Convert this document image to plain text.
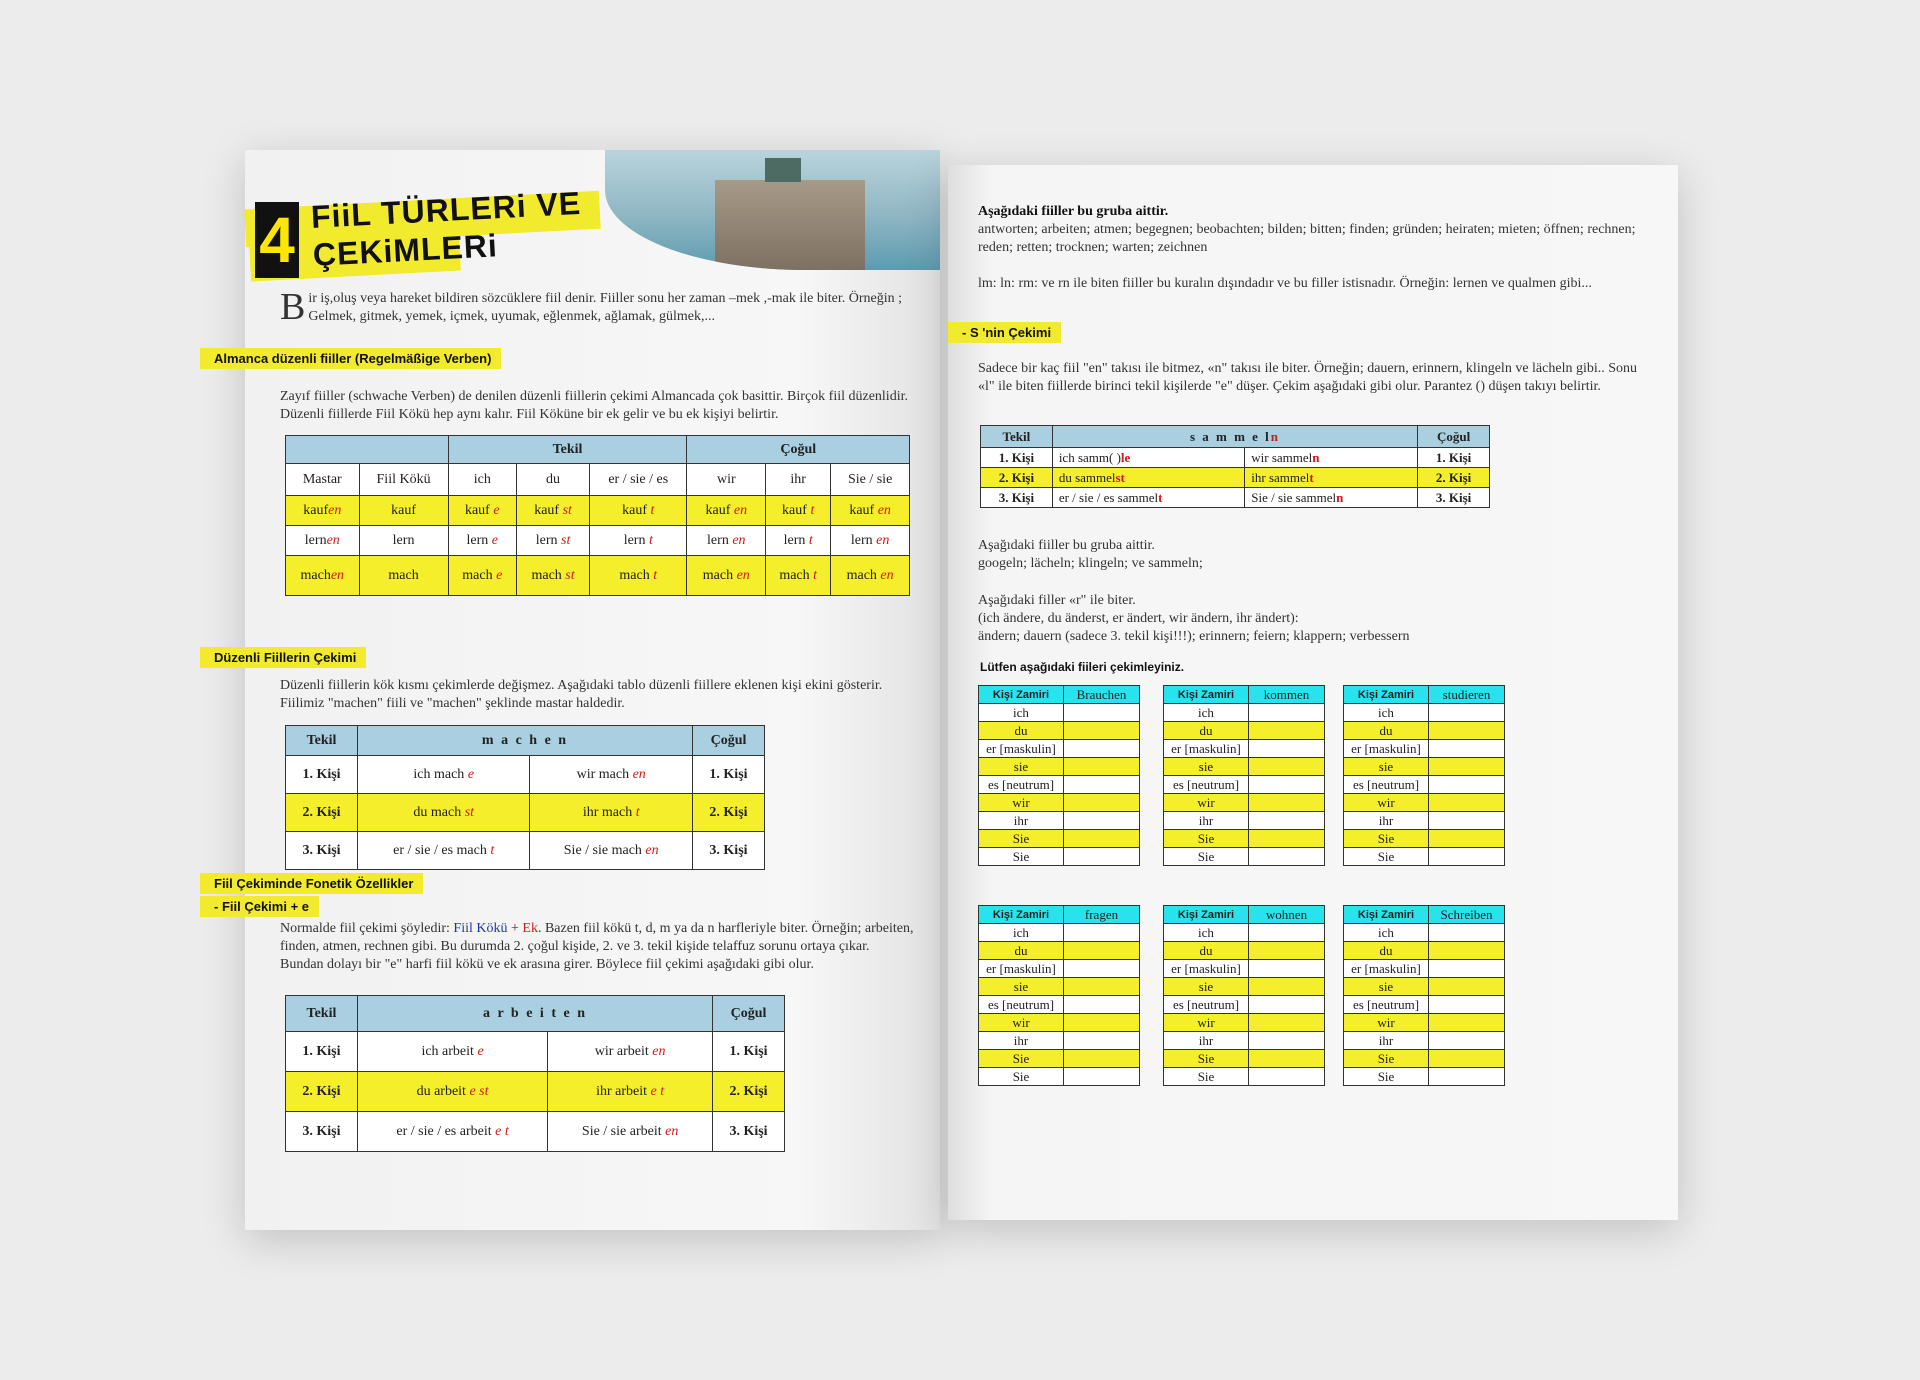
4 FiiL TÜRLERi VE
ÇEKiMLERi
Bir iş,oluş veya hareket bildiren sözcüklere fiil denir. Fiiller sonu her zaman –mek ,-mak ile biter. Örneğin ; Gelmek, gitmek, yemek, içmek, uyumak, eğlenmek, ağlamak, gülmek,...
Almanca düzenli fiiller (Regelmäßige Verben)
Zayıf fiiller (schwache Verben) de denilen düzenli fiillerin çekimi Almancada çok basittir. Birçok fiil düzenlidir. Düzenli fiillerde Fiil Kökü hep aynı kalır. Fiil Köküne bir ek gelir ve bu ek kişiyi belirtir.
		Tekil			Çoğul		
Mastar	Fiil Kökü	ich	du	er / sie / es	wir	ihr	Sie / sie
kaufen	kauf	kauf e	kauf st	kauf t	kauf en	kauf t	kauf en
lernen	lern	lern e	lern st	lern t	lern en	lern t	lern en
machen	mach	mach e	mach st	mach t	mach en	mach t	mach en
Düzenli Fiillerin Çekimi
Düzenli fiillerin kök kısmı çekimlerde değişmez. Aşağıdaki tablo düzenli fiillere eklenen kişi ekini gösterir. Fiilimiz "machen" fiili ve "machen" şeklinde mastar haldedir.
Tekil	m a c h e n		Çoğul
1. Kişi	ich mach e	wir mach en	1. Kişi
2. Kişi	du mach st	ihr mach t	2. Kişi
3. Kişi	er / sie / es mach t	Sie / sie mach en	3. Kişi
Fiil Çekiminde Fonetik Özellikler
- Fiil Çekimi + e
Normalde fiil çekimi şöyledir: Fiil Kökü + Ek. Bazen fiil kökü t, d, m ya da n harfleriyle biter. Örneğin; arbeiten, finden, atmen, rechnen gibi. Bu durumda 2. çoğul kişide, 2. ve 3. tekil kişide telaffuz sorunu ortaya çıkar. Bundan dolayı bir "e" harfi fiil kökü ve ek arasına girer. Böylece fiil çekimi aşağıdaki gibi olur.
Tekil	a r b e i t e n		Çoğul
1. Kişi	ich arbeit e	wir arbeit en	1. Kişi
2. Kişi	du arbeit e st	ihr arbeit e t	2. Kişi
3. Kişi	er / sie / es arbeit e t	Sie / sie arbeit en	3. Kişi
Aşağıdaki fiiller bu gruba aittir.
antworten; arbeiten; atmen; begegnen; beobachten; bilden; bitten; finden; gründen; heiraten; mieten; öffnen; rechnen; reden; retten; trocknen; warten; zeichnen
lm: ln: rm: ve rn ile biten fiiller bu kuralın dışındadır ve bu filler istisnadır. Örneğin: lernen ve qualmen gibi...
- S 'nin Çekimi
Sadece bir kaç fiil "en" takısı ile bitmez, «n" takısı ile biter. Örneğin; dauern, erinnern, klingeln ve lächeln gibi.. Sonu «l" ile biten fiillerde birinci tekil kişilerde "e" düşer. Çekim aşağıdaki gibi olur. Parantez () düşen takıyı belirtir.
Tekil	s a m m e ln		Çoğul
1. Kişi	ich samm( )le	wir sammeln	1. Kişi
2. Kişi	du sammelst	ihr sammelt	2. Kişi
3. Kişi	er / sie / es sammelt	Sie / sie sammeln	3. Kişi
Aşağıdaki fiiller bu gruba aittir.
googeln; lächeln; klingeln; ve sammeln;
Aşağıdaki filler «r" ile biter.
(ich ändere, du änderst, er ändert, wir ändern, ihr ändert):
ändern; dauern (sadece 3. tekil kişi!!!); erinnern; feiern; klappern; verbessern
Lütfen aşağıdaki fiileri çekimleyiniz.
Kişi Zamiri	Brauchen
ich	
du	
er [maskulin]	
sie	
es [neutrum]	
wir	
ihr	
Sie	
Sie	
Kişi Zamiri	kommen
ich	
du	
er [maskulin]	
sie	
es [neutrum]	
wir	
ihr	
Sie	
Sie	
Kişi Zamiri	studieren
ich	
du	
er [maskulin]	
sie	
es [neutrum]	
wir	
ihr	
Sie	
Sie	
Kişi Zamiri	fragen
ich	
du	
er [maskulin]	
sie	
es [neutrum]	
wir	
ihr	
Sie	
Sie	
Kişi Zamiri	wohnen
ich	
du	
er [maskulin]	
sie	
es [neutrum]	
wir	
ihr	
Sie	
Sie	
Kişi Zamiri	Schreiben
ich	
du	
er [maskulin]	
sie	
es [neutrum]	
wir	
ihr	
Sie	
Sie	
